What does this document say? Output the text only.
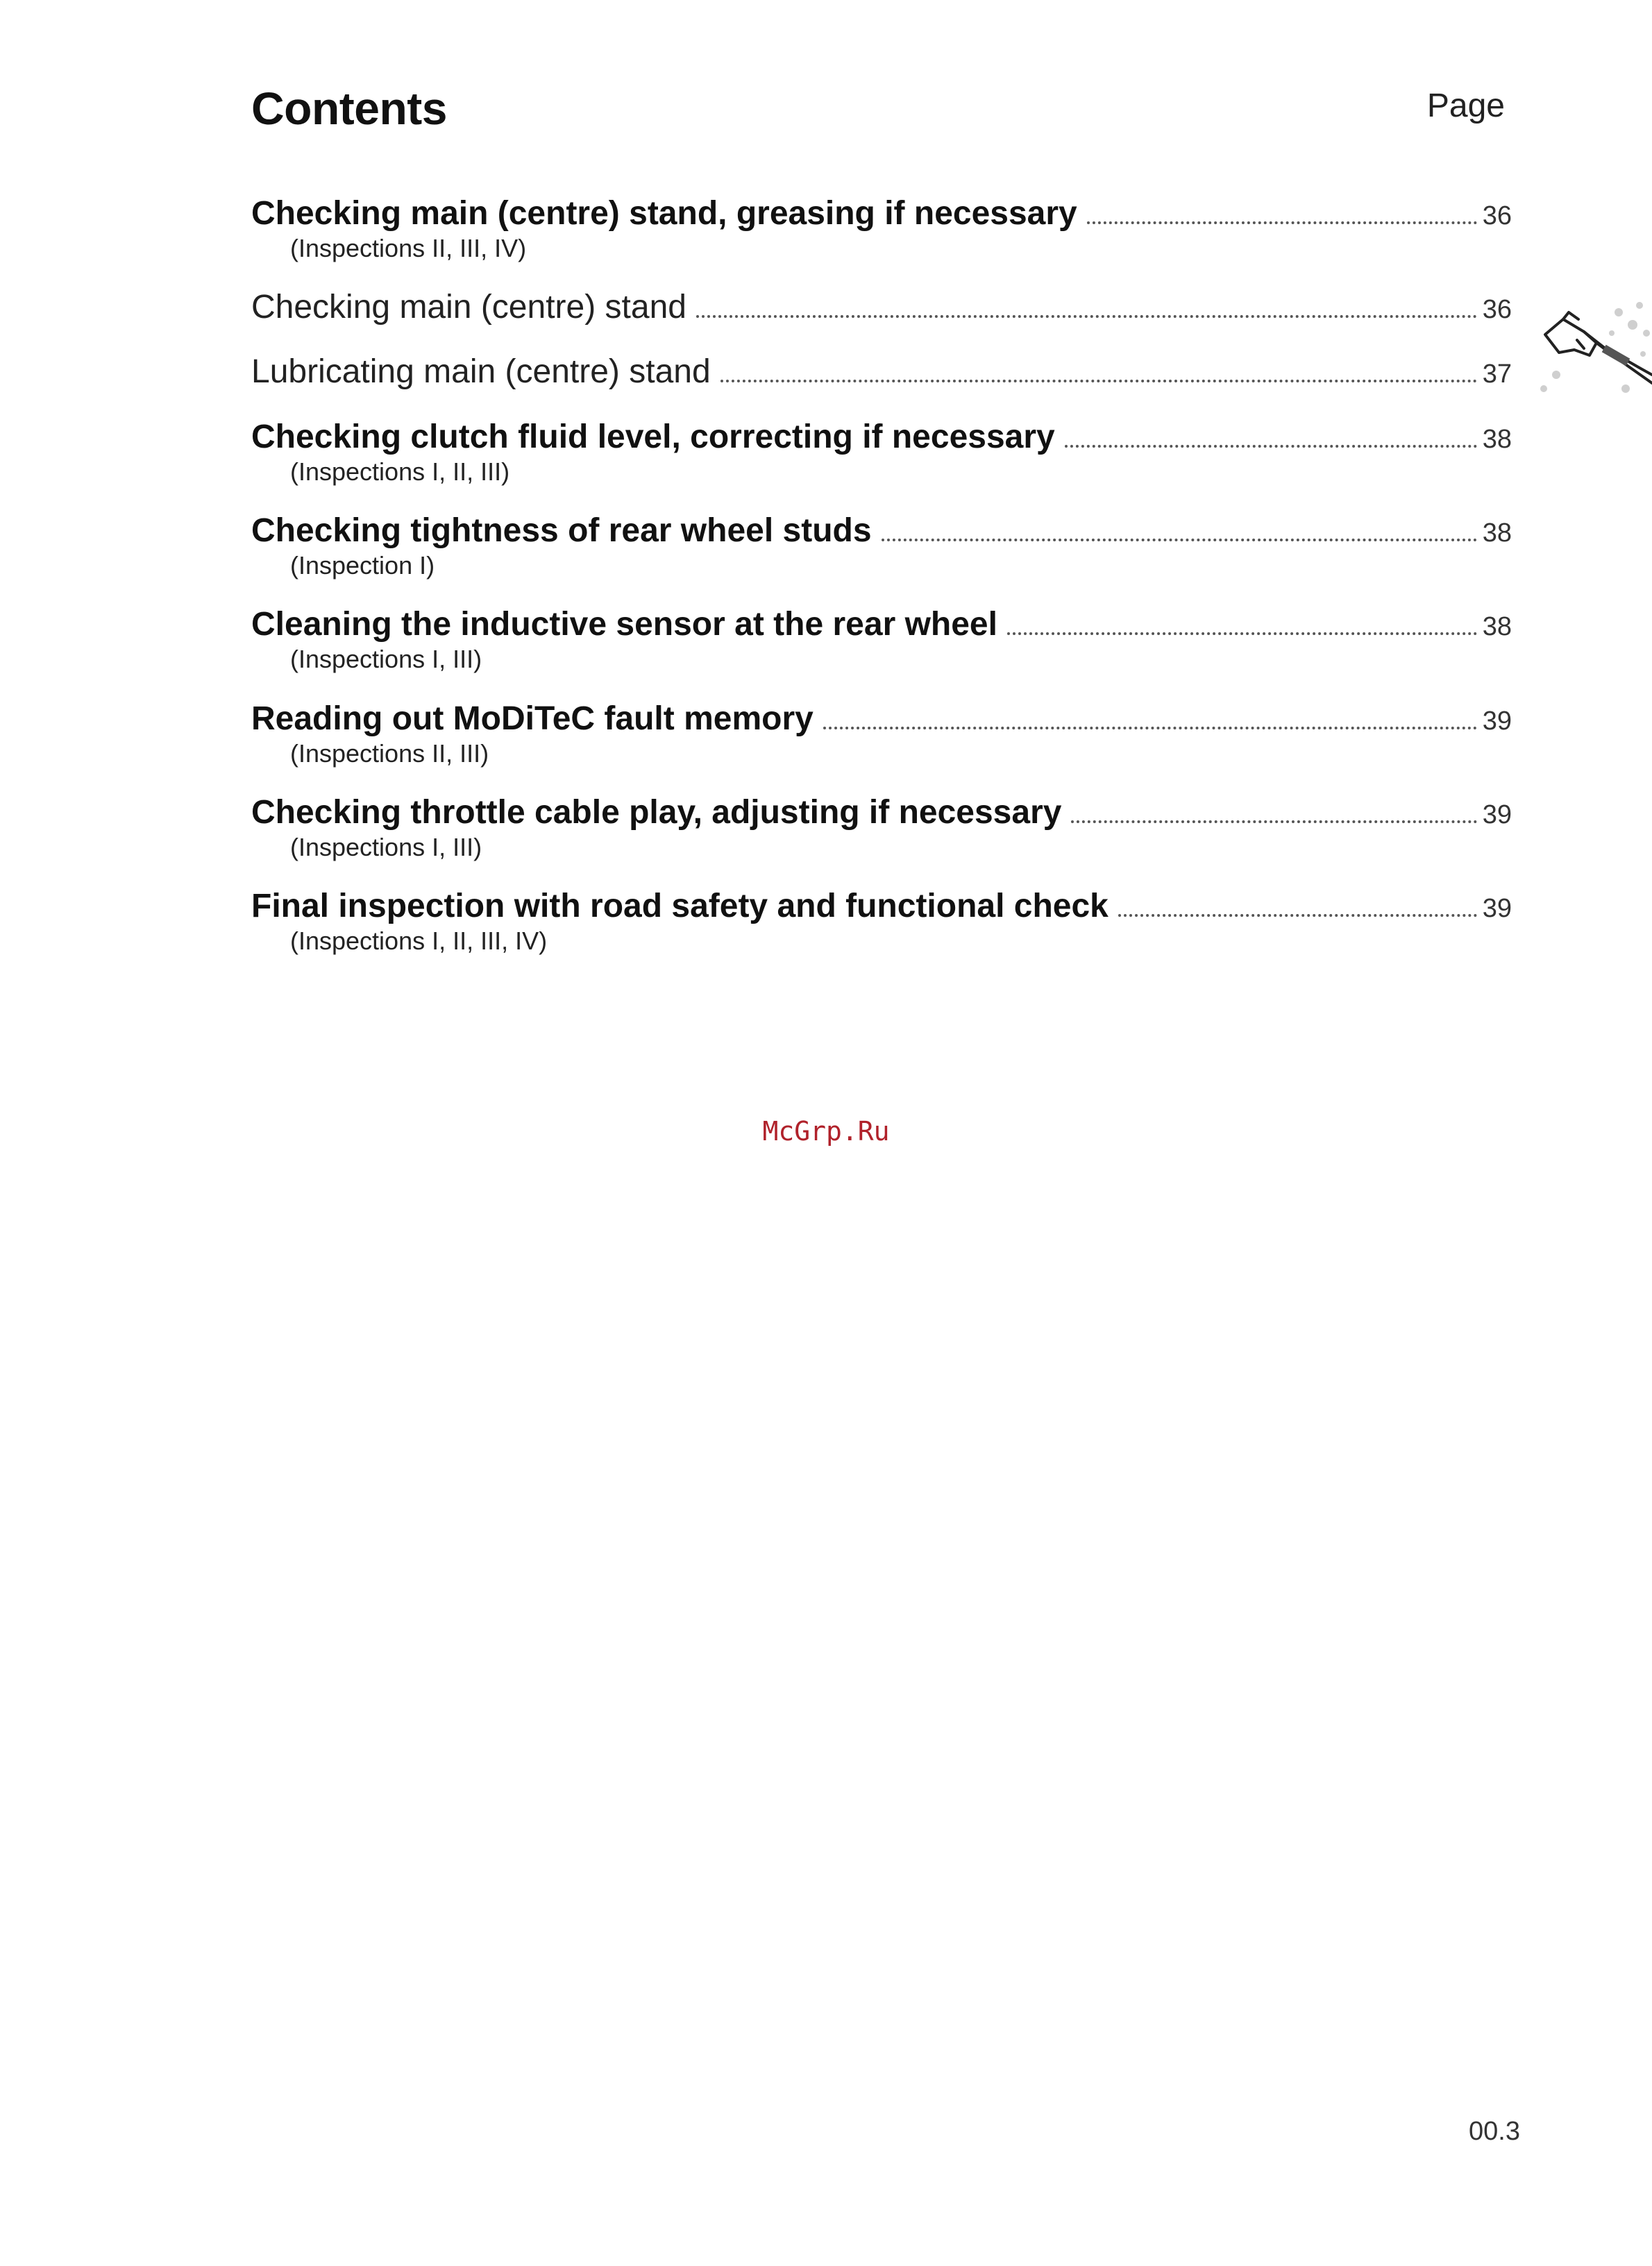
Contents	Page
Checking main (centre) stand, greasing if necessary	36
(Inspections II, III, IV)
Checking main (centre) stand	36
Lubricating main (centre) stand	37
Checking clutch fluid level, correcting if necessary	38
(Inspections I, II, III)
Checking tightness of rear wheel studs	38
(Inspection I)
Cleaning the inductive sensor at the rear wheel	38
(Inspections I, III)
Reading out MoDiTeC fault memory	39
(Inspections II, III)
Checking throttle cable play, adjusting if necessary	39
(Inspections I, III)
Final inspection with road safety and functional check	39
(Inspections I, II, III, IV)
McGrp.Ru
00.3
